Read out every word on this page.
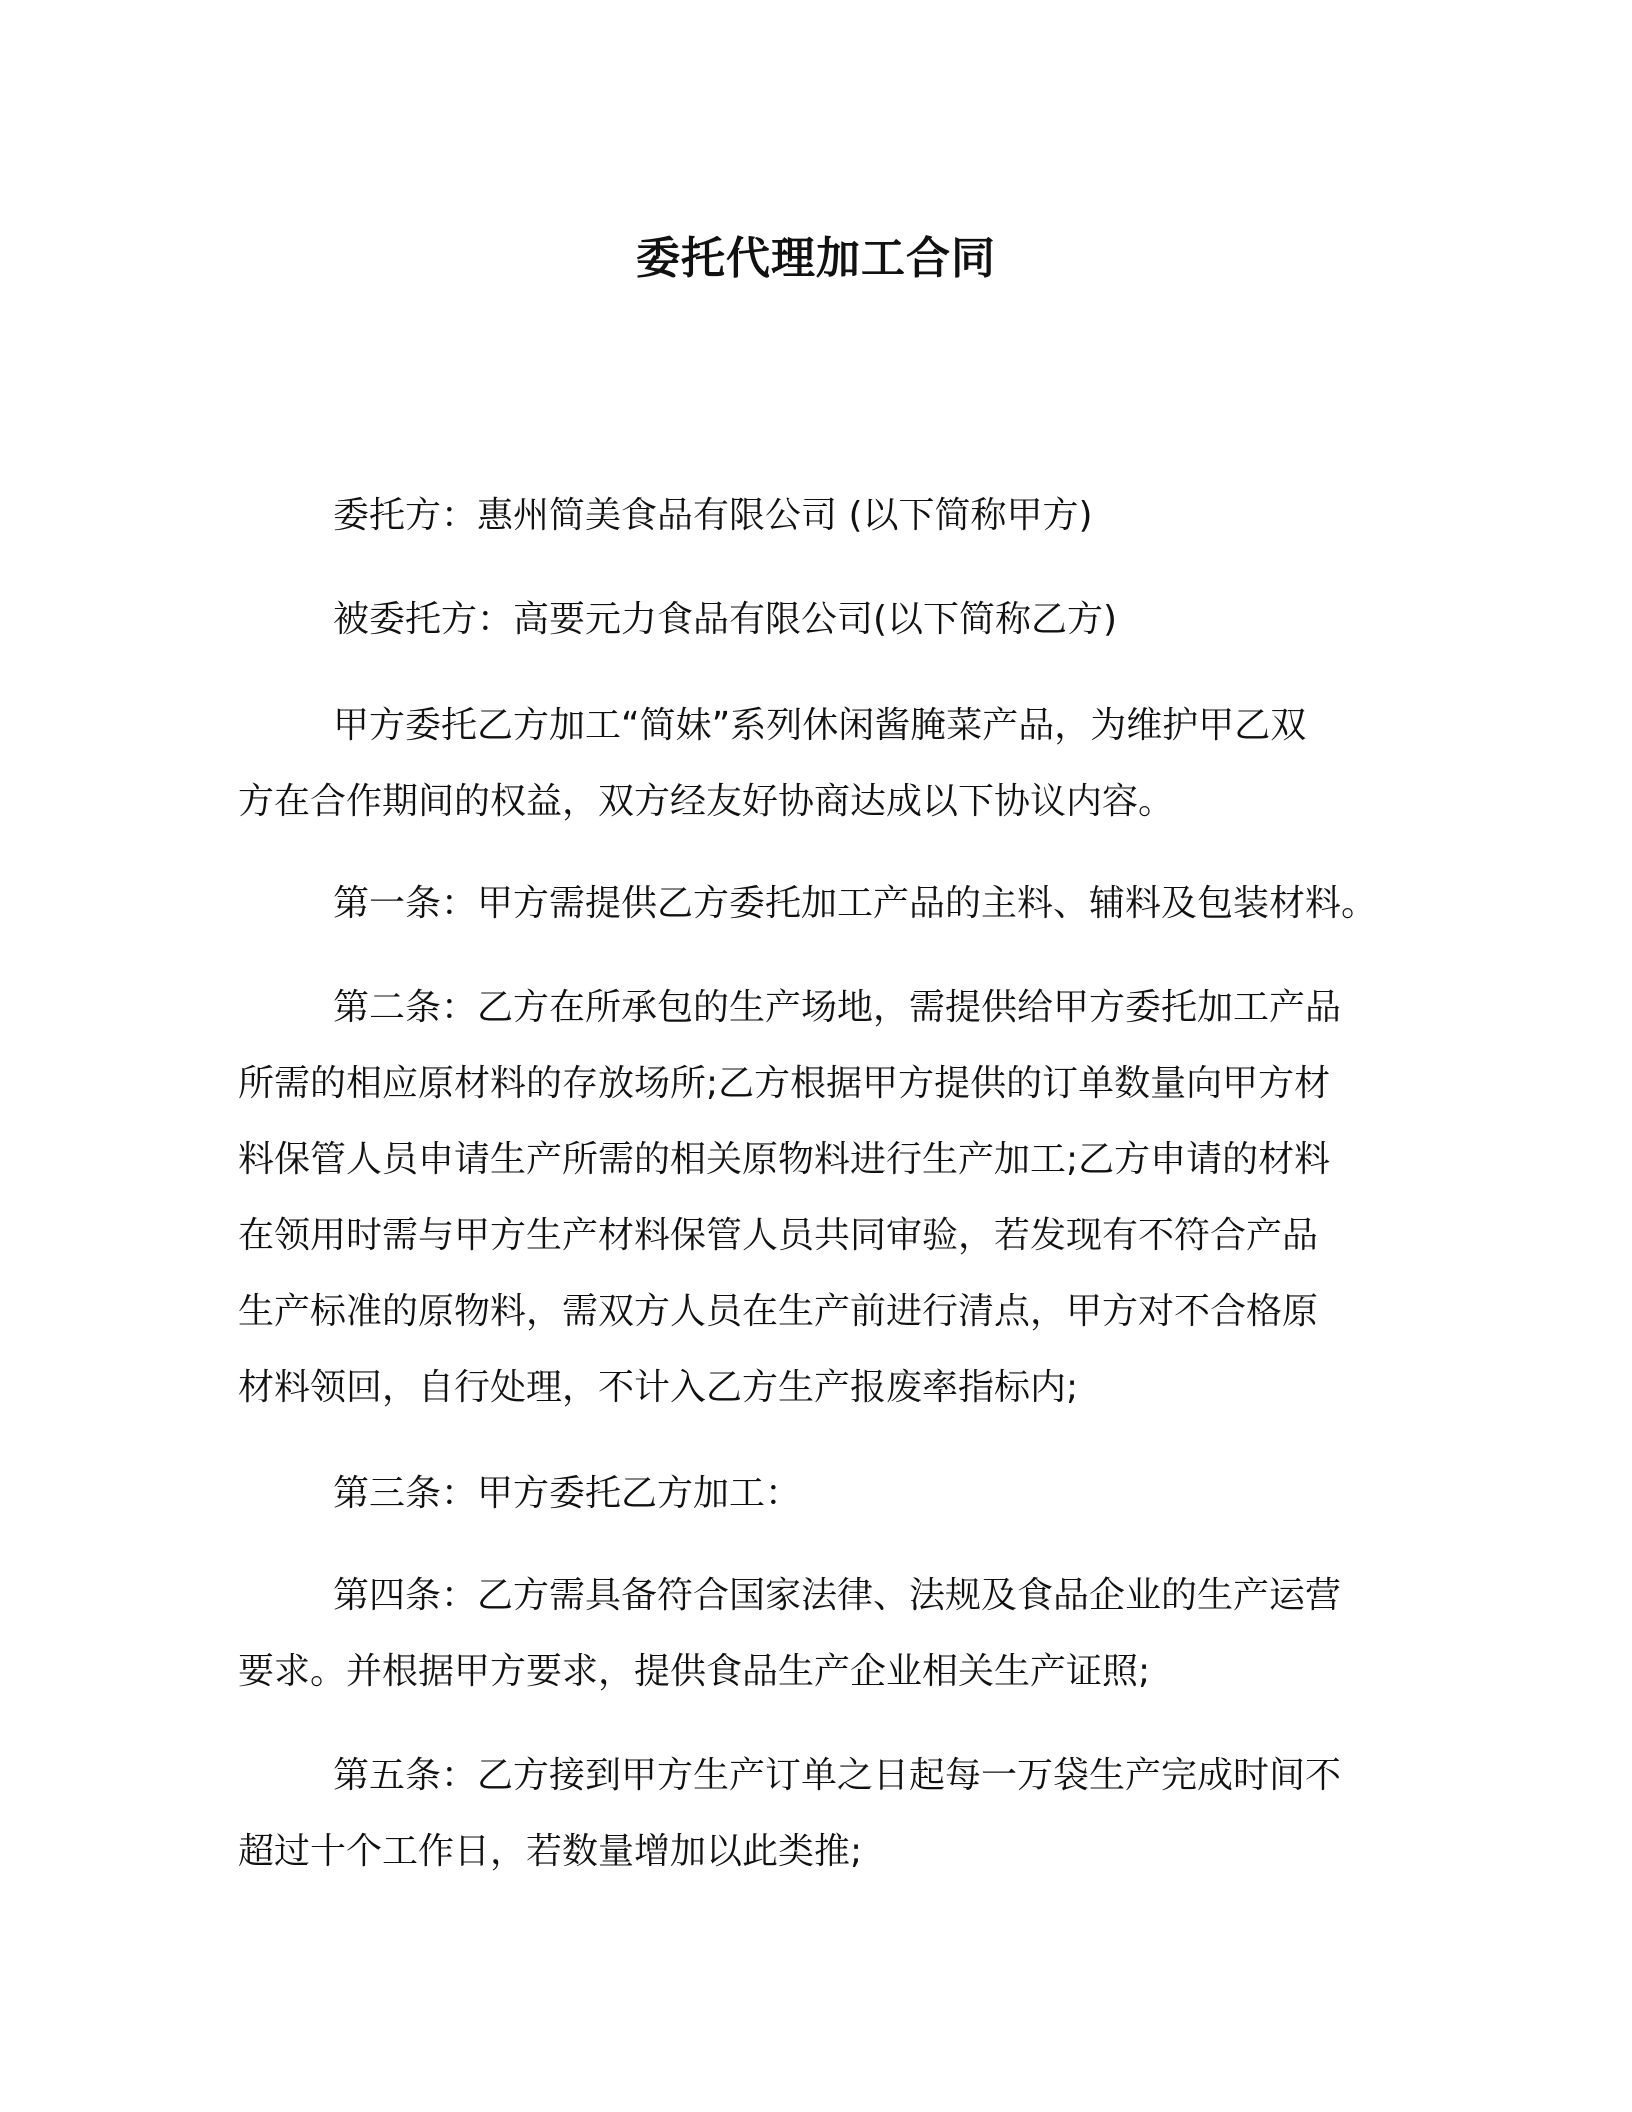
委托代理加工合同

委托方：惠州简美食品有限公司 (以下简称甲方)

被委托方：高要元力食品有限公司(以下简称乙方)

甲方委托乙方加工“简妹”系列休闲酱腌菜产品，为维护甲乙双

方在合作期间的权益，双方经友好协商达成以下协议内容。

第一条：甲方需提供乙方委托加工产品的主料、辅料及包装材料。

第二条：乙方在所承包的生产场地，需提供给甲方委托加工产品

所需的相应原材料的存放场所;乙方根据甲方提供的订单数量向甲方材

料保管人员申请生产所需的相关原物料进行生产加工;乙方申请的材料

在领用时需与甲方生产材料保管人员共同审验，若发现有不符合产品

生产标准的原物料，需双方人员在生产前进行清点，甲方对不合格原

材料领回，自行处理，不计入乙方生产报废率指标内;

第三条：甲方委托乙方加工：

第四条：乙方需具备符合国家法律、法规及食品企业的生产运营

要求。并根据甲方要求，提供食品生产企业相关生产证照;

第五条：乙方接到甲方生产订单之日起每一万袋生产完成时间不

超过十个工作日，若数量增加以此类推;
